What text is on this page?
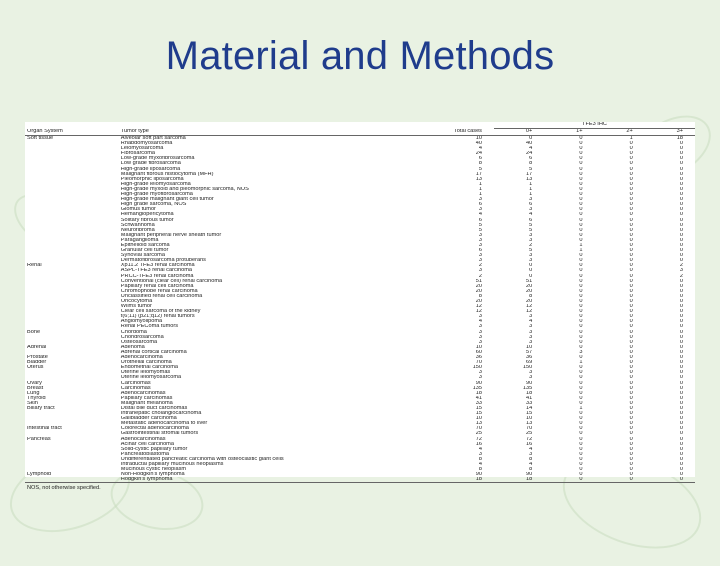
Material and Methods
			TFE3 IHC			
Organ System	Tumor type	Total cases	0+	1+	2+	3+
Soft tissue	Alveolar soft part sarcoma	10	0	0	1	18
	Rhabdomyosarcoma	40	40	0	0	0
	Leiomyosarcoma	4	4	0	0	0
	Fibrosarcoma	24	24	0	0	0
	Low-grade myxofibrosarcoma	6	6	0	0	0
	Low grade fibrosarcoma	8	8	0	0	0
	High-grade liposarcoma	5	5	0	0	0
	Malignant fibrous histiocytoma (MFH)	17	17	0	0	0
	Pleomorphic liposarcoma	13	13	0	0	0
	High-grade leiomyosarcoma	1	1	0	0	0
	High-grade myxoid and pleomorphic sarcoma, NOS	1	1	0	0	0
	High-grade myofibrosarcoma	1	1	0	0	0
	High-grade malignant giant cell tumor	3	3	0	0	0
	High grade sarcoma, NOS	6	6	0	0	0
	Glomus tumor	3	3	0	0	0
	Hemangiopericytoma	4	4	0	0	0
	Solitary fibrous tumor	6	6	0	0	0
	Schwannoma	5	5	0	0	0
	Neurofibroma	5	5	0	0	0
	Malignant peripheral nerve sheath tumor	3	3	0	0	0
	Paraganglioma	3	3	0	0	0
	Epithelioid sarcoma	3	2	1	0	0
	Granular cell tumor	6	5	1	0	0
	Synovial sarcoma	3	3	0	0	0
	Dermatofibrosarcoma protuberans	3	3	0	0	0
Renal	Xp11.2 TFE3 renal carcinoma	2	0	0	0	2
	ASPL-TFE3 renal carcinoma	3	0	0	0	3
	PRCC-TFE3 renal carcinoma	2	0	0	0	2
	Conventional (clear cell) renal carcinoma	51	51	0	0	0
	Papillary renal cell carcinoma	20	20	0	0	0
	Chromophobe renal carcinoma	20	20	0	0	0
	Unclassified renal cell carcinoma	8	8	0	0	0
	Oncocytoma	20	20	0	0	0
	Wilms tumor	12	12	0	0	0
	Clear cell sarcoma of the kidney	12	12	0	0	0
	t(6;11) (p21;q12) renal tumors	3	3	0	0	0
	Angiomyolipoma	4	4	0	0	0
	Renal PEComa tumors	3	3	0	0	0
Bone	Chordoma	3	3	0	0	0
	Chondrosarcoma	3	3	0	0	0
	Osteosarcoma	3	3	0	0	0
Adrenal	Adenoma	10	10	0	0	0
	Adrenal cortical carcinoma	60	57	3	0	0
Prostate	Adenocarcinoma	36	36	0	0	0
Bladder	Urothelial carcinoma	70	69	1	0	0
Uterus	Endometrial carcinoma	150	150	0	0	0
	Uterine leiomyomas	3	3	0	0	0
	Uterine leiomyosarcoma	3	3	0	0	0
Ovary	Carcinomas	90	90	0	0	0
Breast	Carcinomas	135	135	0	0	0
Lung	Adenocarcinomas	18	18	0	0	0
Thyroid	Papillary carcinomas	41	41	0	0	0
Skin	Malignant melanoma	33	33	0	0	0
Biliary tract	Distal bile duct carcinomas	15	14	1	0	0
	Intrahepatic cholangiocarcinoma	15	15	0	0	0
	Gallbladder carcinoma	10	10	0	0	0
	Metastatic adenocarcinoma to liver	13	13	0	0	0
Intestinal tract	Colorectal adenocarcinoma	70	70	0	0	0
	Gastrointestinal stromal tumors	25	25	0	0	0
Pancreas	Adenocarcinomas	72	72	0	0	0
	Acinar cell carcinoma	16	16	0	0	0
	Solid-cystic papillary tumor	4	4	0	0	0
	Pancreatoblastoma	3	3	0	0	0
	Undifferentiated pancreatic carcinoma with osteoclastic giant cells	8	8	0	0	0
	Intraductal papillary mucinous neoplasms	4	4	0	0	0
	Mucinous cystic neoplasm	8	8	0	0	0
Lymphoid	Non-Hodgkin's lymphoma	90	90	0	0	0
	Hodgkin's lymphoma	18	18	0	0	0
NOS, not otherwise specified.
